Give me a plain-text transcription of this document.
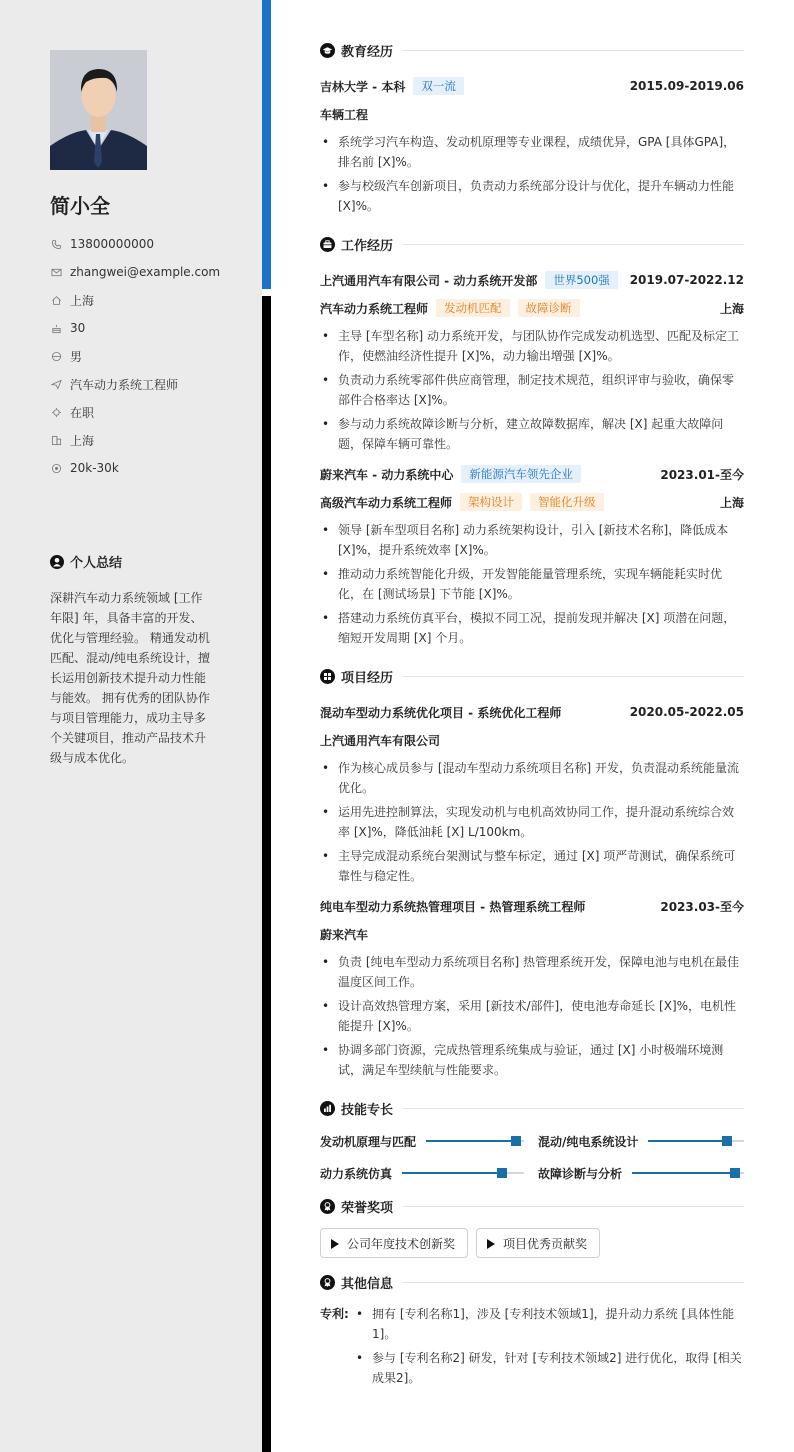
简小全
13800000000
zhangwei@example.com
上海
30
男
汽车动力系统工程师
在职
上海
20k-30k
个人总结
深耕汽车动力系统领域 [工作年限] 年，具备丰富的开发、优化与管理经验。 精通发动机匹配、混动/纯电系统设计，擅长运用创新技术提升动力性能与能效。 拥有优秀的团队协作与项目管理能力，成功主导多个关键项目，推动产品技术升级与成本优化。
教育经历
吉林大学 - 本科	双一流	2015.09-2019.06
车辆工程
• 系统学习汽车构造、发动机原理等专业课程，成绩优异，GPA [具体GPA]，排名前 [X]%。
• 参与校级汽车创新项目，负责动力系统部分设计与优化，提升车辆动力性能 [X]%。
工作经历
上汽通用汽车有限公司 - 动力系统开发部	世界500强	2019.07-2022.12
汽车动力系统工程师	发动机匹配	故障诊断	上海
• 主导 [车型名称] 动力系统开发，与团队协作完成发动机选型、匹配及标定工作，使燃油经济性提升 [X]%，动力输出增强 [X]%。
• 负责动力系统零部件供应商管理，制定技术规范，组织评审与验收，确保零部件合格率达 [X]%。
• 参与动力系统故障诊断与分析，建立故障数据库，解决 [X] 起重大故障问题，保障车辆可靠性。
蔚来汽车 - 动力系统中心	新能源汽车领先企业	2023.01-至今
高级汽车动力系统工程师	架构设计	智能化升级	上海
• 领导 [新车型项目名称] 动力系统架构设计，引入 [新技术名称]，降低成本 [X]%，提升系统效率 [X]%。
• 推动动力系统智能化升级，开发智能能量管理系统，实现车辆能耗实时优化，在 [测试场景] 下节能 [X]%。
• 搭建动力系统仿真平台，模拟不同工况，提前发现并解决 [X] 项潜在问题，缩短开发周期 [X] 个月。
项目经历
混动车型动力系统优化项目 - 系统优化工程师	2020.05-2022.05
上汽通用汽车有限公司
• 作为核心成员参与 [混动车型动力系统项目名称] 开发，负责混动系统能量流优化。
• 运用先进控制算法，实现发动机与电机高效协同工作，提升混动系统综合效率 [X]%，降低油耗 [X] L/100km。
• 主导完成混动系统台架测试与整车标定，通过 [X] 项严苛测试，确保系统可靠性与稳定性。
纯电车型动力系统热管理项目 - 热管理系统工程师	2023.03-至今
蔚来汽车
• 负责 [纯电车型动力系统项目名称] 热管理系统开发，保障电池与电机在最佳温度区间工作。
• 设计高效热管理方案，采用 [新技术/部件]，使电池寿命延长 [X]%，电机性能提升 [X]%。
• 协调多部门资源，完成热管理系统集成与验证，通过 [X] 小时极端环境测试，满足车型续航与性能要求。
技能专长
发动机原理与匹配	混动/纯电系统设计
动力系统仿真	故障诊断与分析
荣誉奖项
公司年度技术创新奖	项目优秀贡献奖
其他信息
专利:
•	拥有 [专利名称1]，涉及 [专利技术领域1]，提升动力系统 [具体性能1]。
• 参与 [专利名称2] 研发，针对 [专利技术领域2] 进行优化，取得 [相关成果2]。
